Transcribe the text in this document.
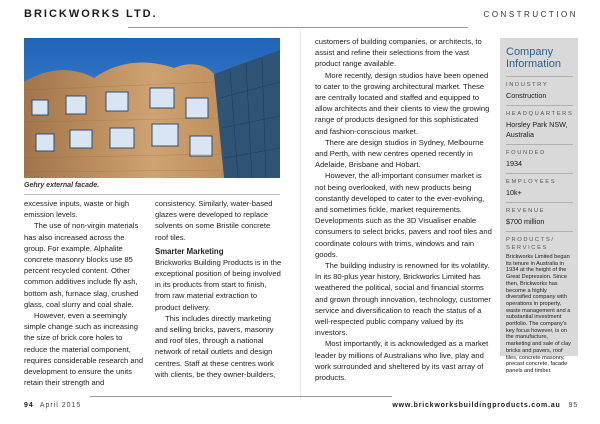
BRICKWORKS LTD.	CONSTRUCTION
Gehry external facade.

excessive inputs, waste or high emission levels.

The use of non-virgin materials has also increased across the group. For example, Alphalite concrete masonry blocks use 85 percent recycled content. Other common additives include fly ash, bottom ash, furnace slag, crushed glass, coal slurry and coal shale.

However, even a seemingly simple change such as increasing the size of brick core holes to reduce the material component, requires considerable research and development to ensure the units retain their strength and

consistency. Similarly, water-based glazes were developed to replace solvents on some Bristile concrete roof tiles.

Smarter Marketing

Brickworks Building Products is in the exceptional position of being involved in its products from start to finish, from raw material extraction to product delivery.

This includes directly marketing and selling bricks, pavers, masonry and roof tiles, through a national network of retail outlets and design centres. Staff at these centres work with clients, be they owner-builders,

customers of building companies, or architects, to assist and refine their selections from the vast product range available.

More recently, design studios have been opened to cater to the growing architectural market. These are centrally located and staffed and equipped to allow architects and their clients to view the growing range of products designed for this sophisticated and fashion-conscious market.

There are design studios in Sydney, Melbourne and Perth, with new centres opened recently in Adelaide, Brisbane and Hobart.

However, the all-important consumer market is not being overlooked, with new products being constantly developed to cater to the ever-evolving, and sometimes fickle, market requirements. Developments such as the 3D Visualiser enable consumers to select bricks, pavers and roof tiles and coordinate colours with trims, windows and rain goods.

The building industry is renowned for its volatility. In its 80-plus year history, Brickworks Limited has weathered the political, social and financial storms and grown through innovation, technology, customer service and diversification to reach the status of a well-respected public company valued by its investors.

Most importantly, it is acknowledged as a market leader by millions of Australians who live, play and work surrounded and sheltered by its vast array of products.

Company Information
INDUSTRY
Construction
HEADQUARTERS
Horsley Park NSW, Australia
FOUNDED
1934
EMPLOYEES
10k+
REVENUE
$700 million
PRODUCTS/ SERVICES
Brickworks Limited began its tenure in Australia in 1934 at the height of the Great Depression. Since then, Brickworks has become a highly diversified company with operations in property, waste management and a substantial investment portfolio. The company's key focus however, is on the manufacture, marketing and sale of clay bricks and pavers, roof tiles, concrete masonry, precast concrete, facade panels and timber.
94 April 2015	www.brickworksbuildingproducts.com.au 95
